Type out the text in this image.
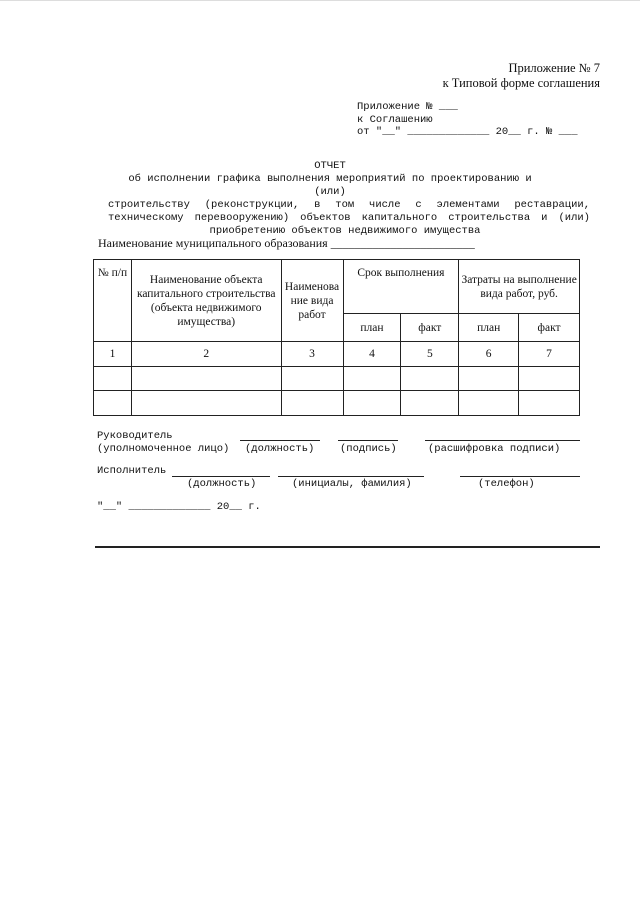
Приложение № 7
к Типовой форме соглашения
Приложение № ___
к Соглашению
от "__" _____________ 20__ г. № ___
ОТЧЕТ
об исполнении графика выполнения мероприятий по проектированию и (или)
строительству (реконструкции, в том числе с элементами реставрации,
техническому перевооружению) объектов капитального строительства и (или)
приобретению объектов недвижимого имущества
Наименование муниципального образования ________________________
№ п/п	Наименование объекта капитального строительства (объекта недвижимого имущества)	Наименова ние вида работ	Срок выполнения		Затраты на выполнение вида работ, руб.	
			план	факт	план	факт
1	2	3	4	5	6	7

Руководитель
(уполномоченное лицо) (должность) (подпись)	(расшифровка подписи)
Исполнитель
(должность)	(инициалы, фамилия)	(телефон)
"__" _____________ 20__ г.
